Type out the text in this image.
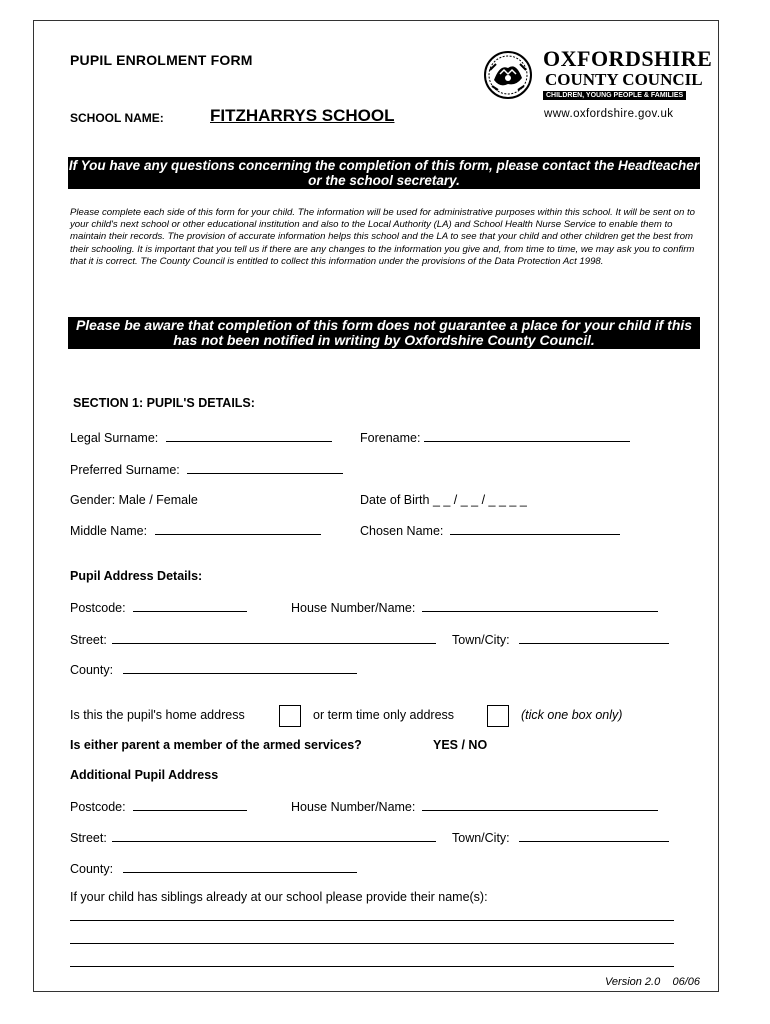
PUPIL ENROLMENT FORM
SCHOOL NAME:	FITZHARRYS SCHOOL
OXFORDSHIRE
COUNTY COUNCIL
CHILDREN, YOUNG PEOPLE & FAMILIES
www.oxfordshire.gov.uk
If You have any questions concerning the completion of this form, please contact the Headteacher or the school secretary.
Please complete each side of this form for your child. The information will be used for administrative purposes within this school. It will be sent on to your child's next school or other educational institution and also to the Local Authority (LA) and School Health Nurse Service to enable them to maintain their records. The provision of accurate information helps this school and the LA to see that your child and other children get the best from their schooling. It is important that you tell us if there are any changes to the information you give and, from time to time, we may ask you to confirm that it is correct. The County Council is entitled to collect this information under the provisions of the Data Protection Act 1998.
Please be aware that completion of this form does not guarantee a place for your child if this has not been notified in writing by Oxfordshire County Council.
SECTION 1: PUPIL'S DETAILS:
Legal Surname:	Forename:
Preferred Surname:
Gender: Male / Female	Date of Birth _ _ / _ _ / _ _ _ _
Middle Name:	Chosen Name:
Pupil Address Details:
Postcode:	House Number/Name:
Street:	Town/City:
County:
Is this the pupil's home address	or term time only address	(tick one box only)
Is either parent a member of the armed services?	YES / NO
Additional Pupil Address
Postcode:	House Number/Name:
Street:	Town/City:
County:
If your child has siblings already at our school please provide their name(s):
Version 2.0 06/06
